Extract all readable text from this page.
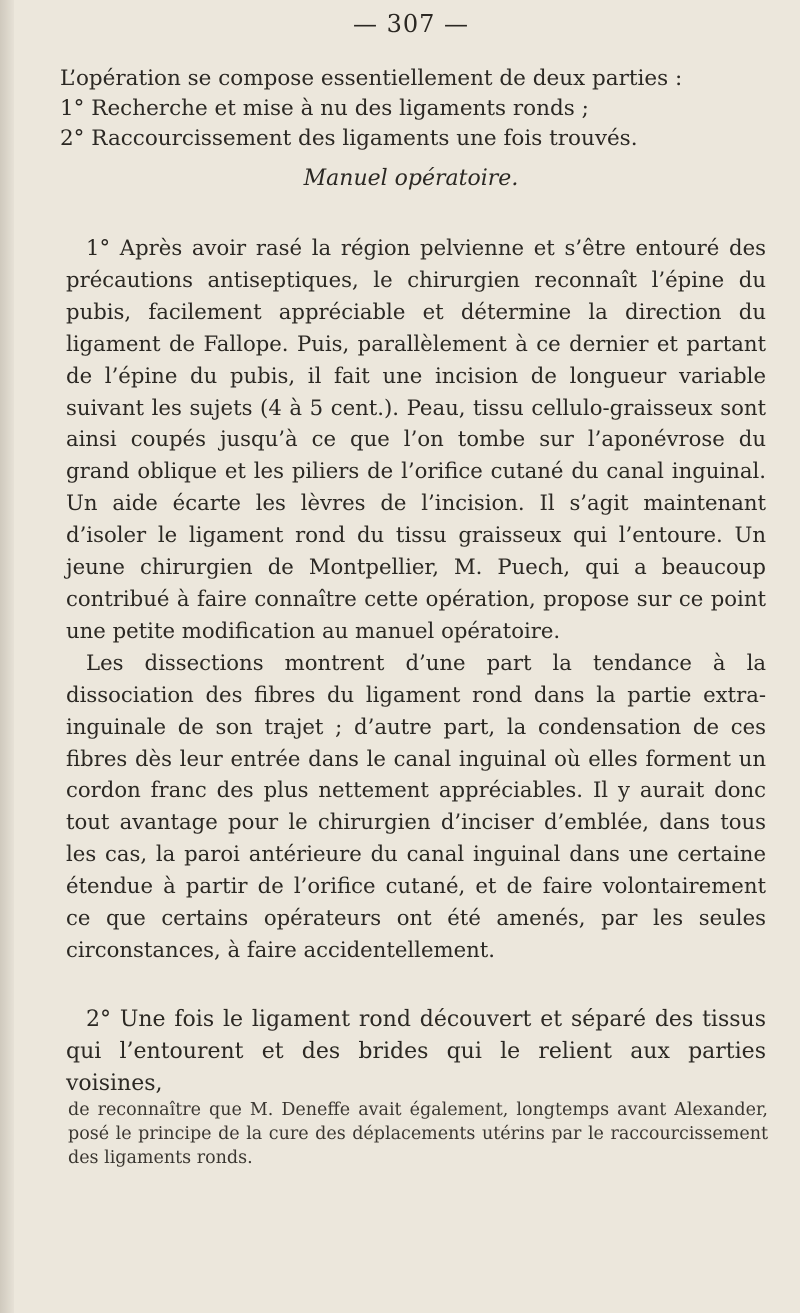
— 307 —

L’opération se compose essentiellement de deux parties :

1° Recherche et mise à nu des ligaments ronds ;

2° Raccourcissement des ligaments une fois trouvés.

Manuel opératoire.

1° Après avoir rasé la région pelvienne et s’être entouré des précautions antiseptiques, le chirurgien reconnaît l’épine du pubis, facilement appréciable et détermine la direction du ligament de Fallope. Puis, parallèlement à ce dernier et partant de l’épine du pubis, il fait une incision de longueur variable suivant les sujets (4 à 5 cent.). Peau, tissu cellulo-graisseux sont ainsi coupés jusqu’à ce que l’on tombe sur l’aponévrose du grand oblique et les piliers de l’orifice cutané du canal inguinal. Un aide écarte les lèvres de l’incision. Il s’agit maintenant d’isoler le ligament rond du tissu graisseux qui l’entoure. Un jeune chirurgien de Montpellier, M. Puech, qui a beaucoup contribué à faire connaître cette opération, propose sur ce point une petite modification au manuel opératoire.

Les dissections montrent d’une part la tendance à la dissociation des fibres du ligament rond dans la partie extra-inguinale de son trajet ; d’autre part, la condensation de ces fibres dès leur entrée dans le canal inguinal où elles forment un cordon franc des plus nettement appréciables. Il y aurait donc tout avantage pour le chirurgien d’inciser d’emblée, dans tous les cas, la paroi antérieure du canal inguinal dans une certaine étendue à partir de l’orifice cutané, et de faire volontairement ce que certains opérateurs ont été amenés, par les seules circonstances, à faire accidentellement.

2° Une fois le ligament rond découvert et séparé des tissus qui l’entourent et des brides qui le relient aux parties voisines,

de reconnaître que M. Deneffe avait également, longtemps avant Alexander, posé le principe de la cure des déplacements utérins par le raccourcissement des ligaments ronds.
